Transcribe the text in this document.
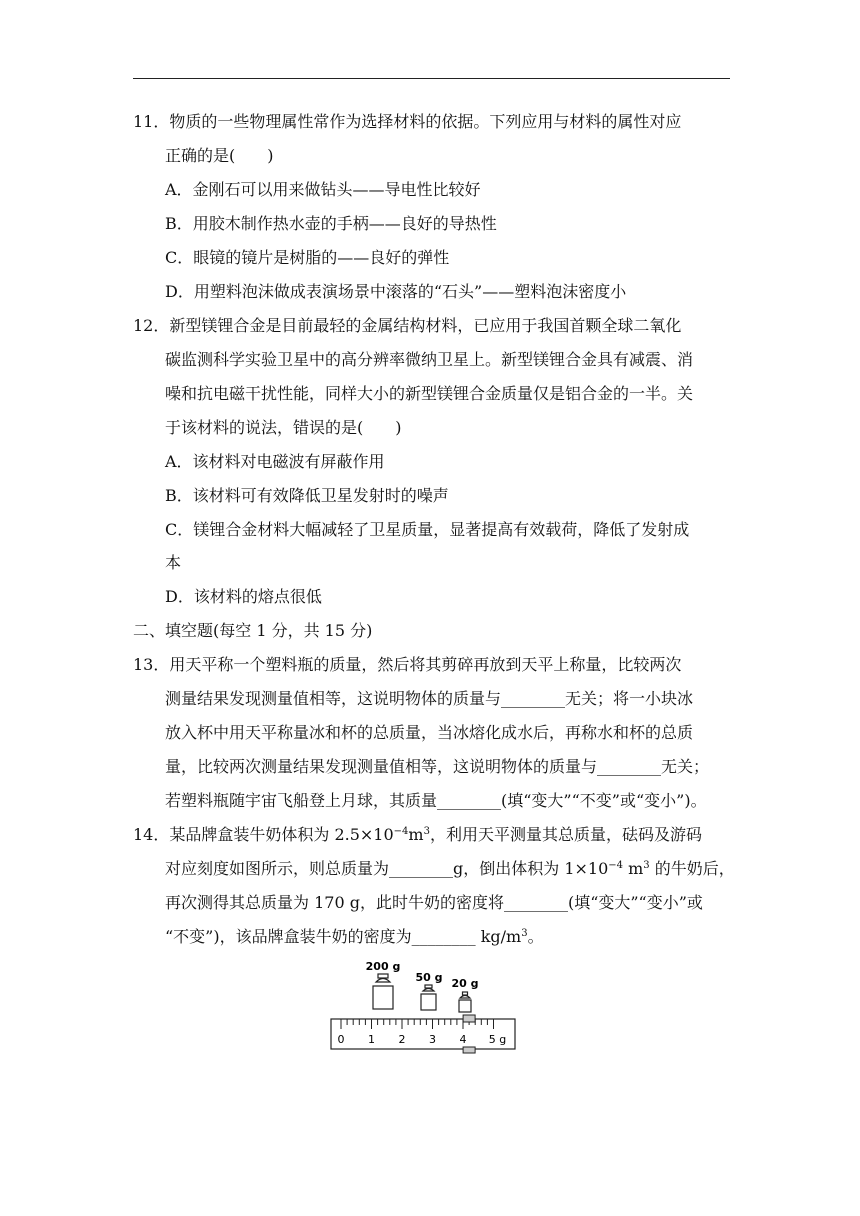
11．物质的一些物理属性常作为选择材料的依据。下列应用与材料的属性对应
正确的是(　　)
A．金刚石可以用来做钻头——导电性比较好
B．用胶木制作热水壶的手柄——良好的导热性
C．眼镜的镜片是树脂的——良好的弹性
D．用塑料泡沫做成表演场景中滚落的“石头”——塑料泡沫密度小
12．新型镁锂合金是目前最轻的金属结构材料，已应用于我国首颗全球二氧化
碳监测科学实验卫星中的高分辨率微纳卫星上。新型镁锂合金具有减震、消
噪和抗电磁干扰性能，同样大小的新型镁锂合金质量仅是铝合金的一半。关
于该材料的说法，错误的是(　　)
A．该材料对电磁波有屏蔽作用
B．该材料可有效降低卫星发射时的噪声
C．镁锂合金材料大幅减轻了卫星质量，显著提高有效载荷，降低了发射成
本
D．该材料的熔点很低
二、填空题(每空 1 分，共 15 分)
13．用天平称一个塑料瓶的质量，然后将其剪碎再放到天平上称量，比较两次
测量结果发现测量值相等，这说明物体的质量与________无关；将一小块冰
放入杯中用天平称量冰和杯的总质量，当冰熔化成水后，再称水和杯的总质
量，比较两次测量结果发现测量值相等，这说明物体的质量与________无关；
若塑料瓶随宇宙飞船登上月球，其质量________(填“变大”“不变”或“变小”)。
14．某品牌盒装牛奶体积为 $2.5\times 10^{-4}m^3$，利用天平测量其总质量，砝码及游码
对应刻度如图所示，则总质量为________g，倒出体积为 $1\times 10^{-4}$ $m^3$ 的牛奶后，
再次测得其总质量为 170 g，此时牛奶的密度将________(填“变大”“变小”或
“不变”)，该品牌盒装牛奶的密度为________ $kg/m^3$。
200 g
50 g 20 g
0 1 2 3 4 5 g
